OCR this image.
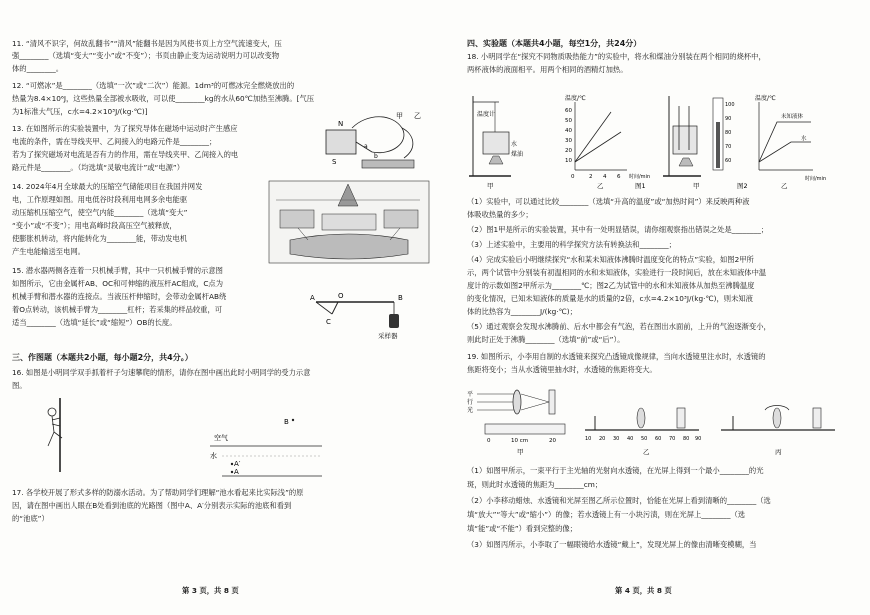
11. “清风不识字，何故乱翻书”“清风”能翻书是因为风使书页上方空气流速变大，压
强________（选填“变大”“变小”或“不变”）；书页由静止变为运动说明力可以改变物
体的________。
12. “可燃冰”是________（选填“一次”或“二次”）能源。1dm³的可燃冰完全燃烧放出的
热量为8.4×10⁶J，这些热量全部被水吸收，可以使________kg的水从60℃加热至沸腾。[气压
为1标准大气压，c水=4.2×10³J/(kg·℃)]
13. 在如图所示的实验装置中，为了探究导体在磁场中运动时产生感应
电流的条件，需在导线夹甲、乙间接入的电路元件是________；
若为了探究磁场对电流是否有力的作用，需在导线夹甲、乙间接入的电
路元件是________。（均选填“灵敏电流计”或“电源”）
N
S
a
b
甲 乙
14. 2024年4月全球最大的压缩空气储能项目在我国并网发
电，工作原理如图。用电低谷时段利用电网多余电能驱
动压缩机压缩空气，使空气内能________（选填“变大”
“变小”或“不变”）；用电高峰时段高压空气被释放，
使膨胀机转动，将内能转化为________能，带动发电机
产生电能输送至电网。
15. 潜水器两侧各连着一只机械手臂，其中一只机械手臂的示意图
如图所示，它由金属杆AB、OC和可伸缩的液压杆AC组成，C点为
机械手臂和潜水器的连接点。当液压杆伸缩时，会带动金属杆AB绕
着O点转动，该机械手臂为________杠杆；若采集的样品较重，可
适当________（选填“延长”或“缩短”）OB的长度。
A	B
C
O
采样器
三、作图题（本题共2小题，每小题2分，共4分。）
16. 如图是小明同学双手抓着杆子匀速攀爬的情形，请你在图中画出此时小明同学的受力示意
图。
B
空气
水
A′
A
17. 各学校开展了形式多样的防溺水活动。为了帮助同学们理解“池水看起来比实际浅”的原
因，请在图中画出人眼在B处看到池底的光路图（图中A、A′分别表示实际的池底和看到
的“池底”）
第 3 页，共 8 页
四、实验题（本题共4小题，每空1分，共24分）
18. 小明同学在“探究不同物质吸热能力”的实验中，将水和煤油分别装在两个相同的烧杯中，
两杯液体的液面相平。用两个相同的酒精灯加热。
温度计
水
煤油
甲
温度/℃
60
50
40
30
20
10
0	2 4 6 时间/min
乙	图1
100
90
80
70
60
甲
温度/℃
未知液体
水
时间/min
乙
图2
（1）实验中，可以通过比较________（选填“升高的温度”或“加热时间”）来反映两种液
体吸收热量的多少；
（2）图1甲是所示的实验装置，其中有一处明显错误，请你细观察指出错误之处是________；
（3）上述实验中，主要用的科学探究方法有转换法和________；
（4）完成实验后小明继续探究“水和某未知液体沸腾时温度变化的特点”实验，如图2甲所
示，两个试管中分别装有初温相同的水和未知液体，实验进行一段时间后，放在未知液体中温
度计的示数如图2甲所示为________℃；图2乙为试管中的水和未知液体从加热至沸腾温度
的变化情况，已知未知液体的质量是水的质量的2倍，c水=4.2×10³J/(kg·℃)，则未知液
体的比热容为________J/(kg·℃)；
（5）通过观察会发现水沸腾前、后水中都会有气泡，若在图出水面前，上升的气泡逐渐变小，
则此时正处于沸腾________（选填“前”或“后”）。
19. 如图所示，小李用自制的水透镜来探究凸透镜成像规律，当向水透镜里注水时，水透镜的
焦距将变小；当从水透镜里抽水时，水透镜的焦距将变大。
平
行
光
0	10 cm	20
甲
10 20 30 40 50 60 70 80 90
乙	丙
（1）如图甲所示，一束平行于主光轴的光射向水透镜，在光屏上得到一个最小________的光
斑，则此时水透镜的焦距为________cm；
（2）小李移动蜡烛、水透镜和光屏至图乙所示位置时，恰能在光屏上看到清晰的________（选
填“放大”“等大”或“缩小”）的像；若水透镜上有一小块污渍，则在光屏上________（选
填“能”或“不能”）看到完整的像；
（3）如图丙所示，小李取了一幅眼镜给水透镜“戴上”，发现光屏上的像由清晰变模糊，当
第 4 页，共 8 页
